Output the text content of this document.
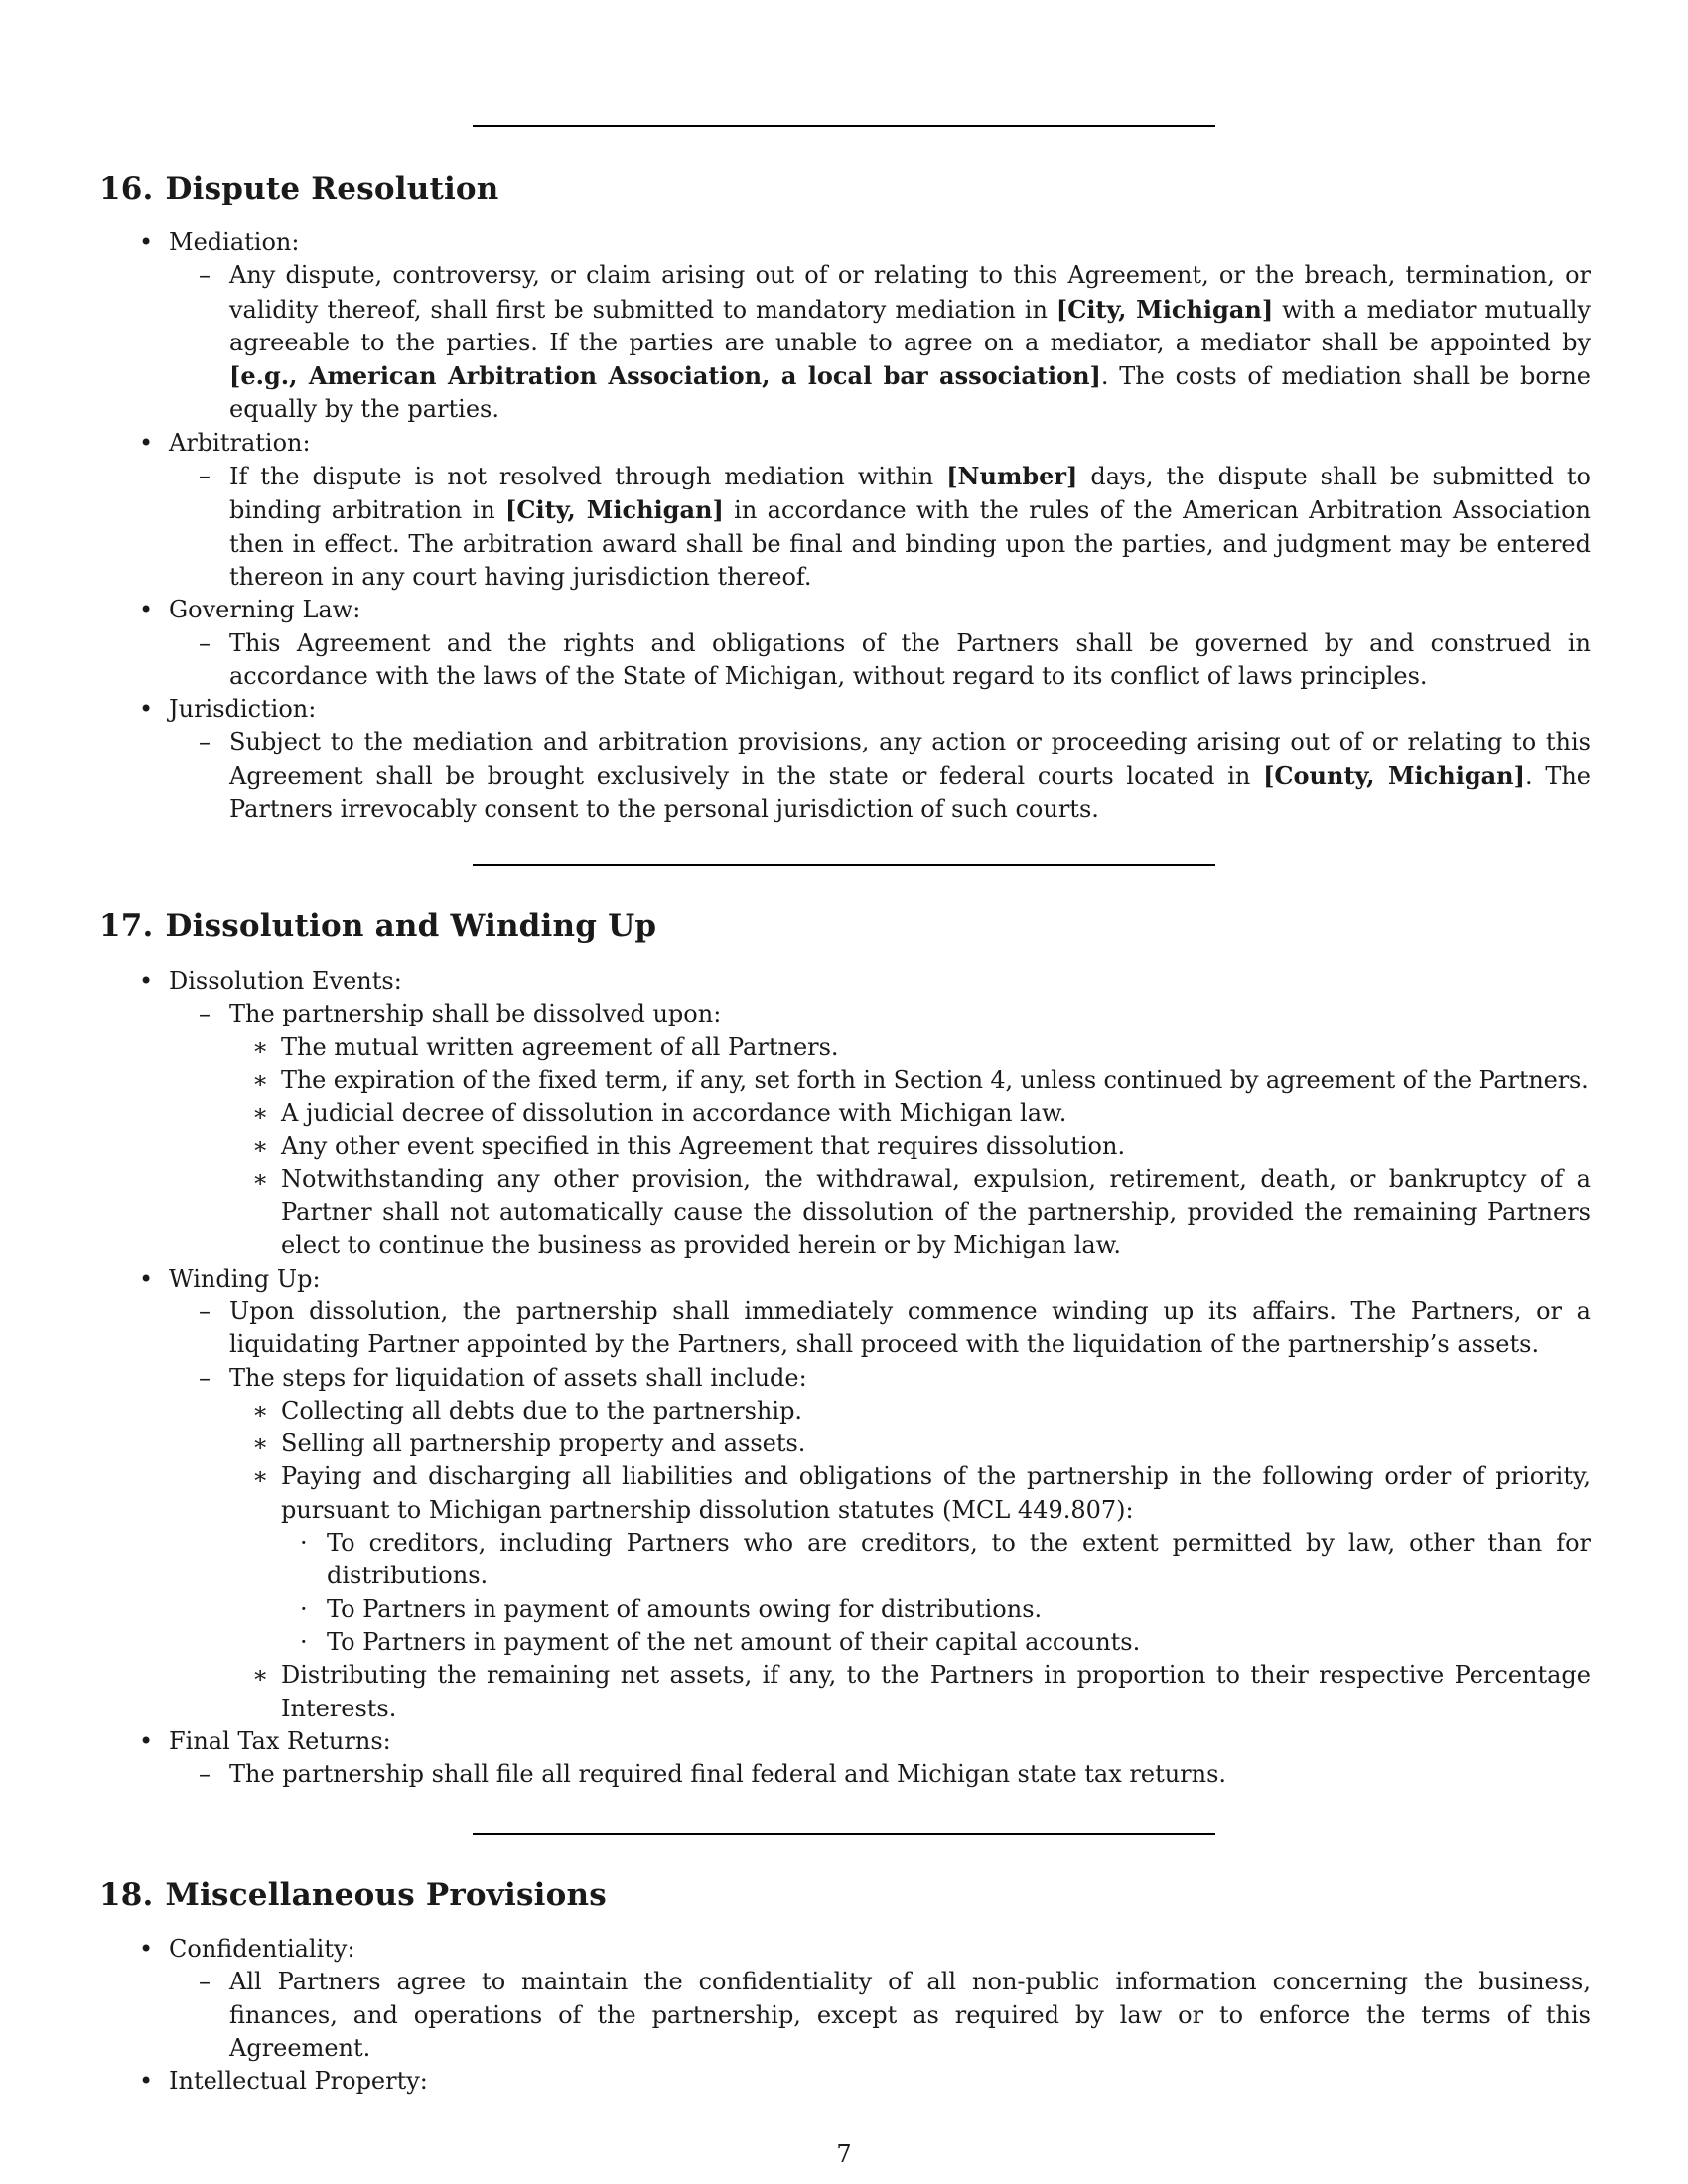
16. Dispute Resolution
• Mediation:
– Any dispute, controversy, or claim arising out of or relating to this Agreement, or the breach, termination, or validity thereof, shall first be submitted to mandatory mediation in [City, Michigan] with a mediator mutually agreeable to the parties. If the parties are unable to agree on a mediator, a mediator shall be appointed by [e.g., American Arbitration Association, a local bar association]. The costs of mediation shall be borne equally by the parties.
• Arbitration:
– If the dispute is not resolved through mediation within [Number] days, the dispute shall be submitted to binding arbitration in [City, Michigan] in accordance with the rules of the American Arbitration Association then in effect. The arbitration award shall be final and binding upon the parties, and judgment may be entered thereon in any court having jurisdiction thereof.
• Governing Law:
– This Agreement and the rights and obligations of the Partners shall be governed by and construed in accordance with the laws of the State of Michigan, without regard to its conflict of laws principles.
• Jurisdiction:
– Subject to the mediation and arbitration provisions, any action or proceeding arising out of or relating to this Agreement shall be brought exclusively in the state or federal courts located in [County, Michigan]. The Partners irrevocably consent to the personal jurisdiction of such courts.
17. Dissolution and Winding Up
• Dissolution Events:
– The partnership shall be dissolved upon:
∗ The mutual written agreement of all Partners.
∗ The expiration of the fixed term, if any, set forth in Section 4, unless continued by agreement of the Partners.
∗ A judicial decree of dissolution in accordance with Michigan law.
∗ Any other event specified in this Agreement that requires dissolution.
∗ Notwithstanding any other provision, the withdrawal, expulsion, retirement, death, or bankruptcy of a Partner shall not automatically cause the dissolution of the partnership, provided the remaining Partners elect to continue the business as provided herein or by Michigan law.
• Winding Up:
– Upon dissolution, the partnership shall immediately commence winding up its affairs. The Partners, or a liquidating Partner appointed by the Partners, shall proceed with the liquidation of the partnership’s assets.
– The steps for liquidation of assets shall include:
∗ Collecting all debts due to the partnership.
∗ Selling all partnership property and assets.
∗ Paying and discharging all liabilities and obligations of the partnership in the following order of priority, pursuant to Michigan partnership dissolution statutes (MCL 449.807):
· To creditors, including Partners who are creditors, to the extent permitted by law, other than for distributions.
· To Partners in payment of amounts owing for distributions.
· To Partners in payment of the net amount of their capital accounts.
∗ Distributing the remaining net assets, if any, to the Partners in proportion to their respective Percentage Interests.
• Final Tax Returns:
– The partnership shall file all required final federal and Michigan state tax returns.
18. Miscellaneous Provisions
• Confidentiality:
– All Partners agree to maintain the confidentiality of all non-public information concerning the business, finances, and operations of the partnership, except as required by law or to enforce the terms of this Agreement.
• Intellectual Property:
7
